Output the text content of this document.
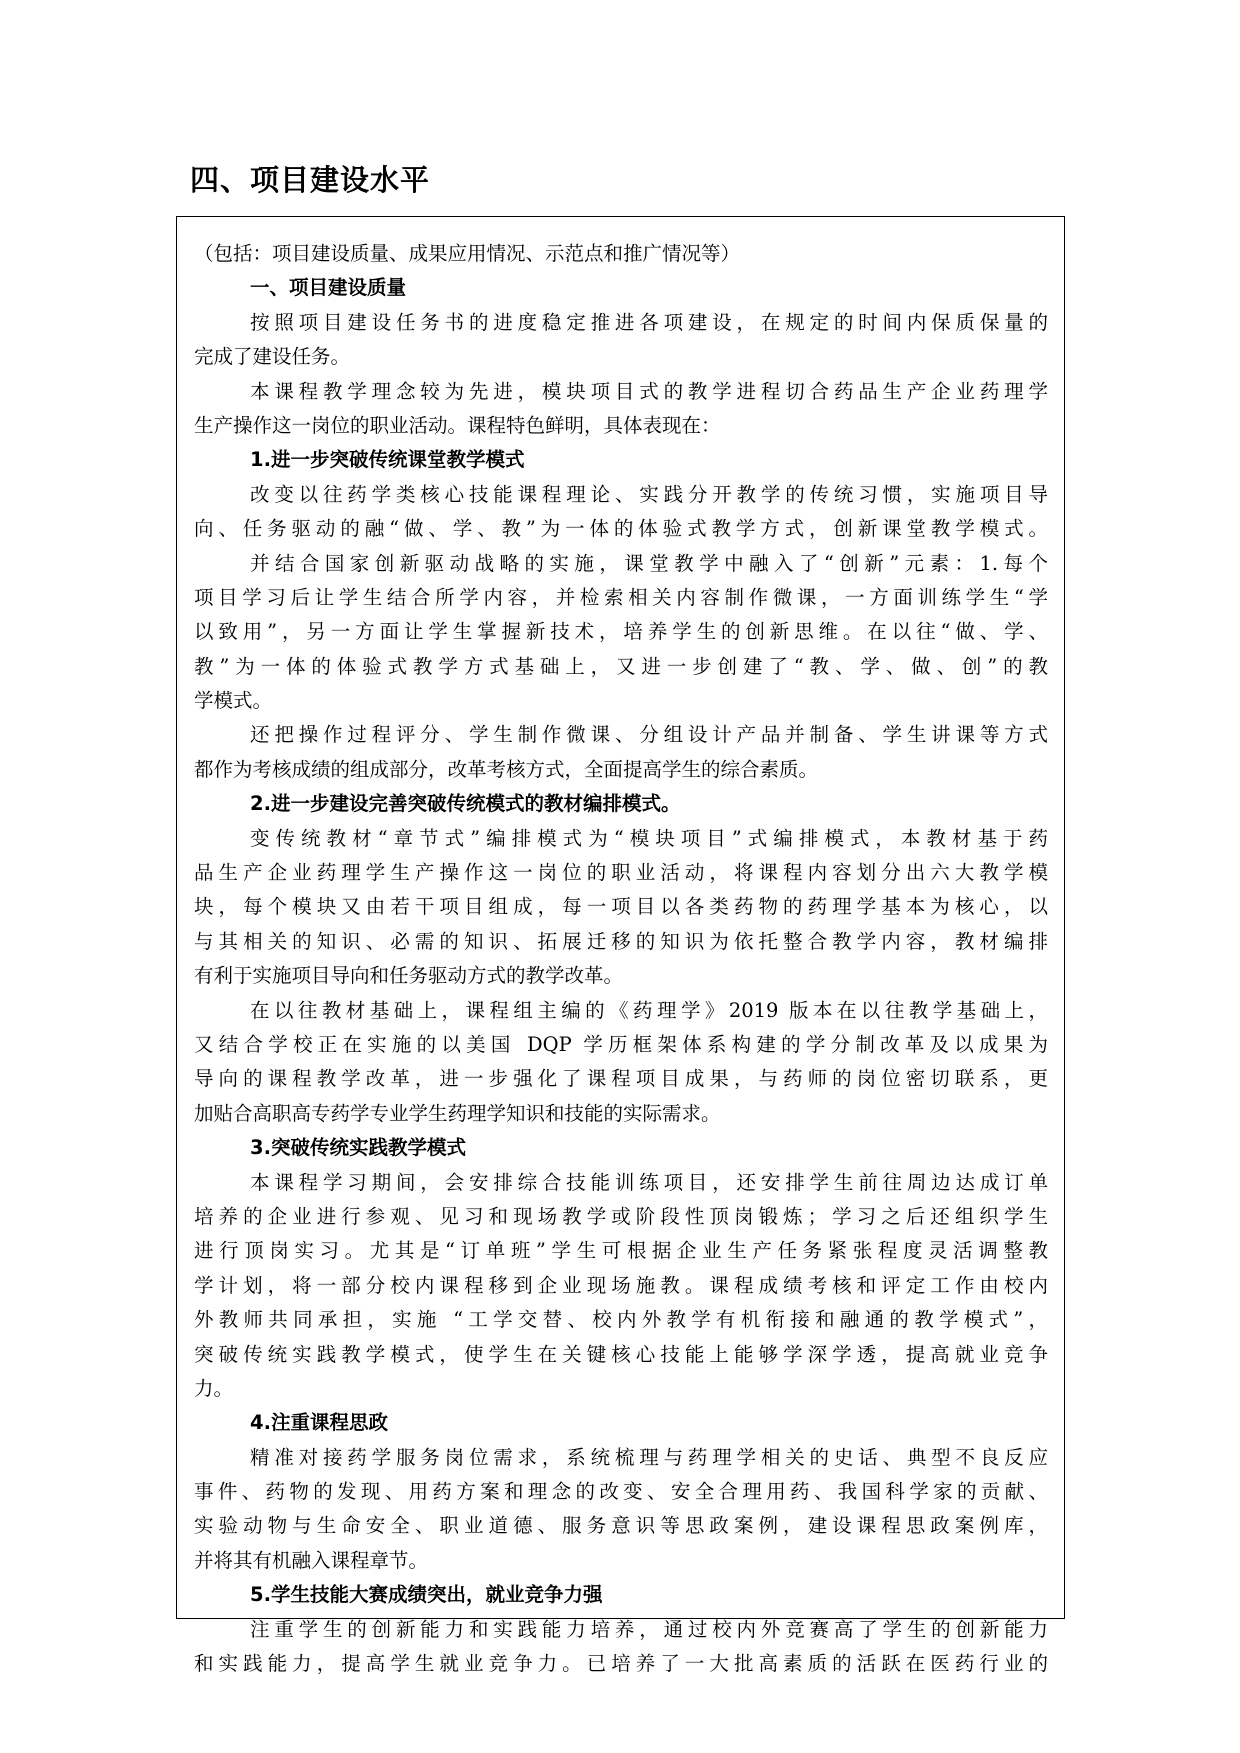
四、项目建设水平
（包括：项目建设质量、成果应用情况、示范点和推广情况等）
一、项目建设质量
按照项目建设任务书的进度稳定推进各项建设，在规定的时间内保质保量的
完成了建设任务。
本课程教学理念较为先进，模块项目式的教学进程切合药品生产企业药理学
生产操作这一岗位的职业活动。课程特色鲜明，具体表现在：
1.进一步突破传统课堂教学模式
改变以往药学类核心技能课程理论、实践分开教学的传统习惯，实施项目导
向、任务驱动的融“做、学、教”为一体的体验式教学方式，创新课堂教学模式。
并结合国家创新驱动战略的实施，课堂教学中融入了“创新”元素：1.每个
项目学习后让学生结合所学内容，并检索相关内容制作微课，一方面训练学生“学
以致用”，另一方面让学生掌握新技术，培养学生的创新思维。在以往“做、学、
教”为一体的体验式教学方式基础上，又进一步创建了“教、学、做、创”的教
学模式。
还把操作过程评分、学生制作微课、分组设计产品并制备、学生讲课等方式
都作为考核成绩的组成部分，改革考核方式，全面提高学生的综合素质。
2.进一步建设完善突破传统模式的教材编排模式。
变传统教材“章节式”编排模式为“模块项目”式编排模式，本教材基于药
品生产企业药理学生产操作这一岗位的职业活动，将课程内容划分出六大教学模
块，每个模块又由若干项目组成，每一项目以各类药物的药理学基本为核心，以
与其相关的知识、必需的知识、拓展迁移的知识为依托整合教学内容，教材编排
有利于实施项目导向和任务驱动方式的教学改革。
在以往教材基础上，课程组主编的《药理学》2019 版本在以往教学基础上，
又结合学校正在实施的以美国 DQP 学历框架体系构建的学分制改革及以成果为
导向的课程教学改革，进一步强化了课程项目成果，与药师的岗位密切联系，更
加贴合高职高专药学专业学生药理学知识和技能的实际需求。
3.突破传统实践教学模式
本课程学习期间，会安排综合技能训练项目，还安排学生前往周边达成订单
培养的企业进行参观、见习和现场教学或阶段性顶岗锻炼；学习之后还组织学生
进行顶岗实习。尤其是“订单班”学生可根据企业生产任务紧张程度灵活调整教
学计划，将一部分校内课程移到企业现场施教。课程成绩考核和评定工作由校内
外教师共同承担，实施 “工学交替、校内外教学有机衔接和融通的教学模式”，
突破传统实践教学模式，使学生在关键核心技能上能够学深学透，提高就业竞争
力。
4.注重课程思政
精准对接药学服务岗位需求，系统梳理与药理学相关的史话、典型不良反应
事件、药物的发现、用药方案和理念的改变、安全合理用药、我国科学家的贡献、
实验动物与生命安全、职业道德、服务意识等思政案例，建设课程思政案例库，
并将其有机融入课程章节。
5.学生技能大赛成绩突出，就业竞争力强
注重学生的创新能力和实践能力培养，通过校内外竞赛高了学生的创新能力
和实践能力，提高学生就业竞争力。已培养了一大批高素质的活跃在医药行业的
